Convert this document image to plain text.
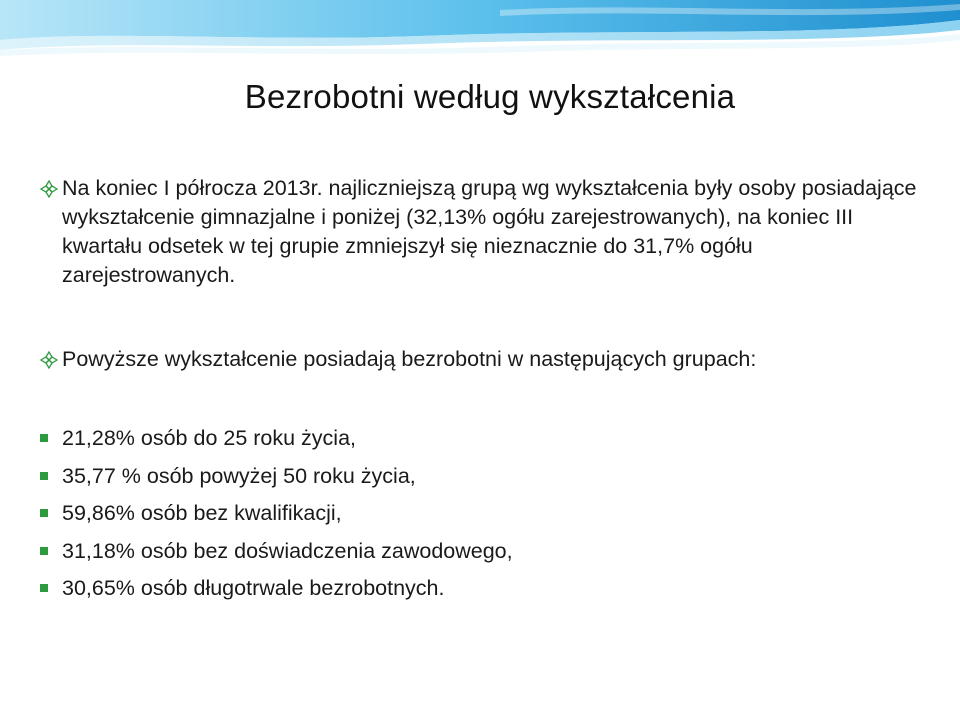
Bezrobotni według wykształcenia
Na koniec I półrocza 2013r. najliczniejszą grupą wg wykształcenia były osoby posiadające wykształcenie gimnazjalne i poniżej (32,13% ogółu zarejestrowanych), na koniec III kwartału odsetek w tej grupie zmniejszył się nieznacznie do 31,7% ogółu zarejestrowanych.
Powyższe wykształcenie posiadają bezrobotni w następujących grupach:
21,28% osób do 25 roku życia,
35,77 % osób powyżej 50 roku życia,
59,86% osób bez kwalifikacji,
31,18% osób bez doświadczenia zawodowego,
30,65% osób długotrwale bezrobotnych.
